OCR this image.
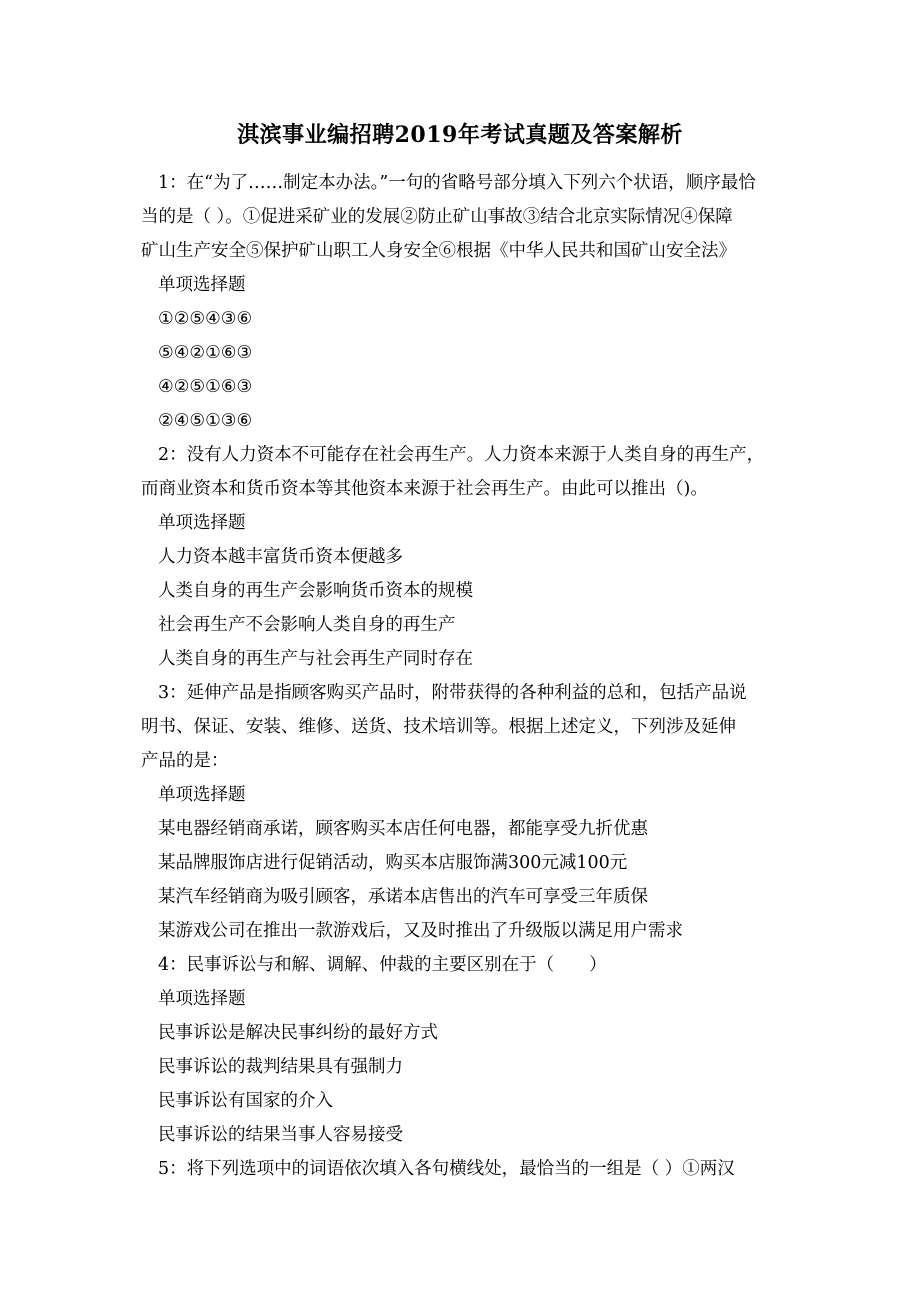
淇滨事业编招聘2019年考试真题及答案解析
1：在“为了……制定本办法。”一句的省略号部分填入下列六个状语，顺序最恰
当的是（ ）。①促进采矿业的发展②防止矿山事故③结合北京实际情况④保障
矿山生产安全⑤保护矿山职工人身安全⑥根据《中华人民共和国矿山安全法》
单项选择题
①②⑤④③⑥
⑤④②①⑥③
④②⑤①⑥③
②④⑤①③⑥
2：没有人力资本不可能存在社会再生产。人力资本来源于人类自身的再生产，
而商业资本和货币资本等其他资本来源于社会再生产。由此可以推出（)。
单项选择题
人力资本越丰富货币资本便越多
人类自身的再生产会影响货币资本的规模
社会再生产不会影响人类自身的再生产
人类自身的再生产与社会再生产同时存在
3：延伸产品是指顾客购买产品时，附带获得的各种利益的总和，包括产品说
明书、保证、安装、维修、送货、技术培训等。根据上述定义，下列涉及延伸
产品的是：
单项选择题
某电器经销商承诺，顾客购买本店任何电器，都能享受九折优惠
某品牌服饰店进行促销活动，购买本店服饰满300元减100元
某汽车经销商为吸引顾客，承诺本店售出的汽车可享受三年质保
某游戏公司在推出一款游戏后，又及时推出了升级版以满足用户需求
4：民事诉讼与和解、调解、仲裁的主要区别在于（　　）
单项选择题
民事诉讼是解决民事纠纷的最好方式
民事诉讼的裁判结果具有强制力
民事诉讼有国家的介入
民事诉讼的结果当事人容易接受
5：将下列选项中的词语依次填入各句横线处，最恰当的一组是（ ）①两汉
